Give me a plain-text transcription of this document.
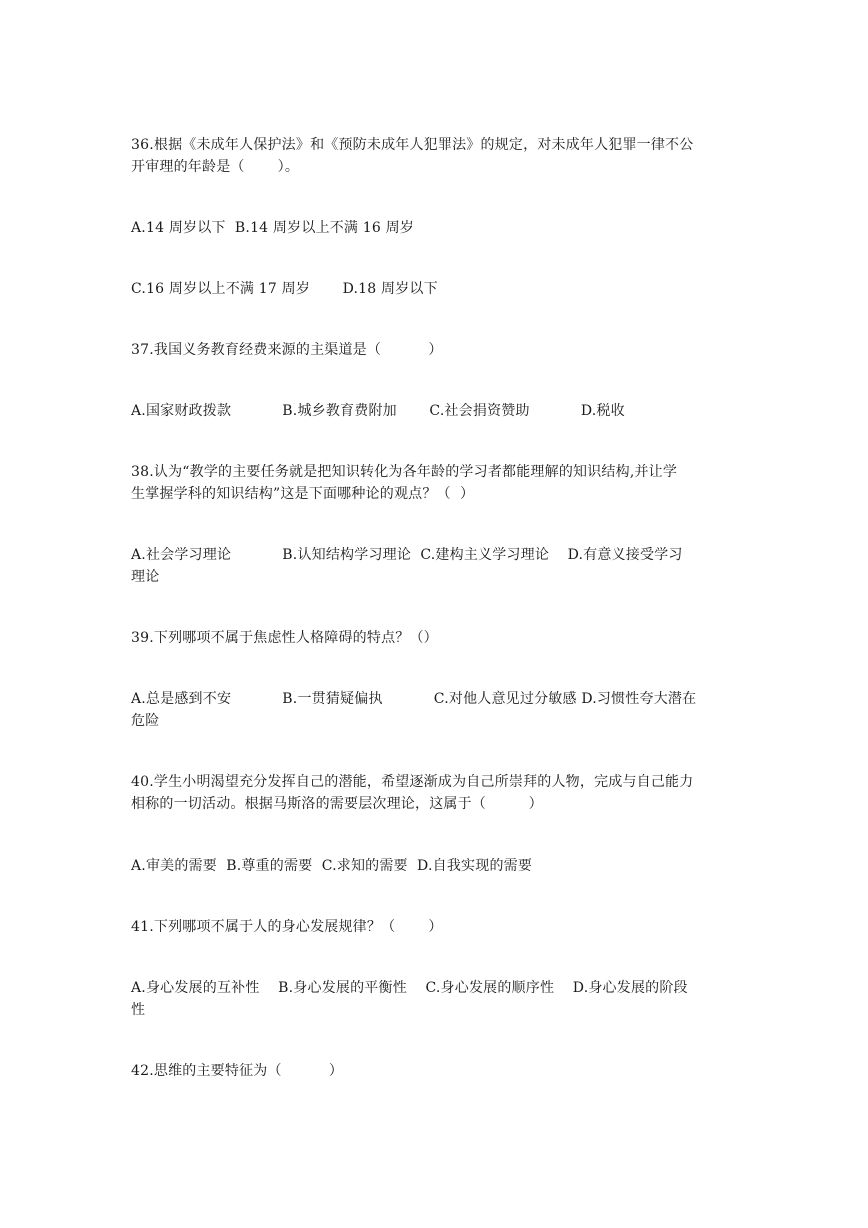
36.根据《未成年人保护法》和《预防未成年人犯罪法》的规定，对未成年人犯罪一律不公
开审理的年龄是（　　 ）。
A.14 周岁以下  B.14 周岁以上不满 16 周岁
C.16 周岁以上不满 17 周岁       D.18 周岁以下
37.我国义务教育经费来源的主渠道是（　　　 ）
A.国家财政拨款           B.城乡教育费附加       C.社会捐资赞助           D.税收
38.认为“教学的主要任务就是把知识转化为各年龄的学习者都能理解的知识结构,并让学
生掌握学科的知识结构”这是下面哪种论的观点？（  ）
A.社会学习理论           B.认知结构学习理论  C.建构主义学习理论    D.有意义接受学习
理论
39.下列哪项不属于焦虑性人格障碍的特点？（）
A.总是感到不安           B.一贯猜疑偏执           C.对他人意见过分敏感 D.习惯性夸大潜在
危险
40.学生小明渴望充分发挥自己的潜能，希望逐渐成为自己所崇拜的人物，完成与自己能力
相称的一切活动。根据马斯洛的需要层次理论，这属于（　　　）
A.审美的需要  B.尊重的需要  C.求知的需要  D.自我实现的需要
41.下列哪项不属于人的身心发展规律？（　　 ）
A.身心发展的互补性    B.身心发展的平衡性    C.身心发展的顺序性    D.身心发展的阶段
性
42.思维的主要特征为（　　　 ）
